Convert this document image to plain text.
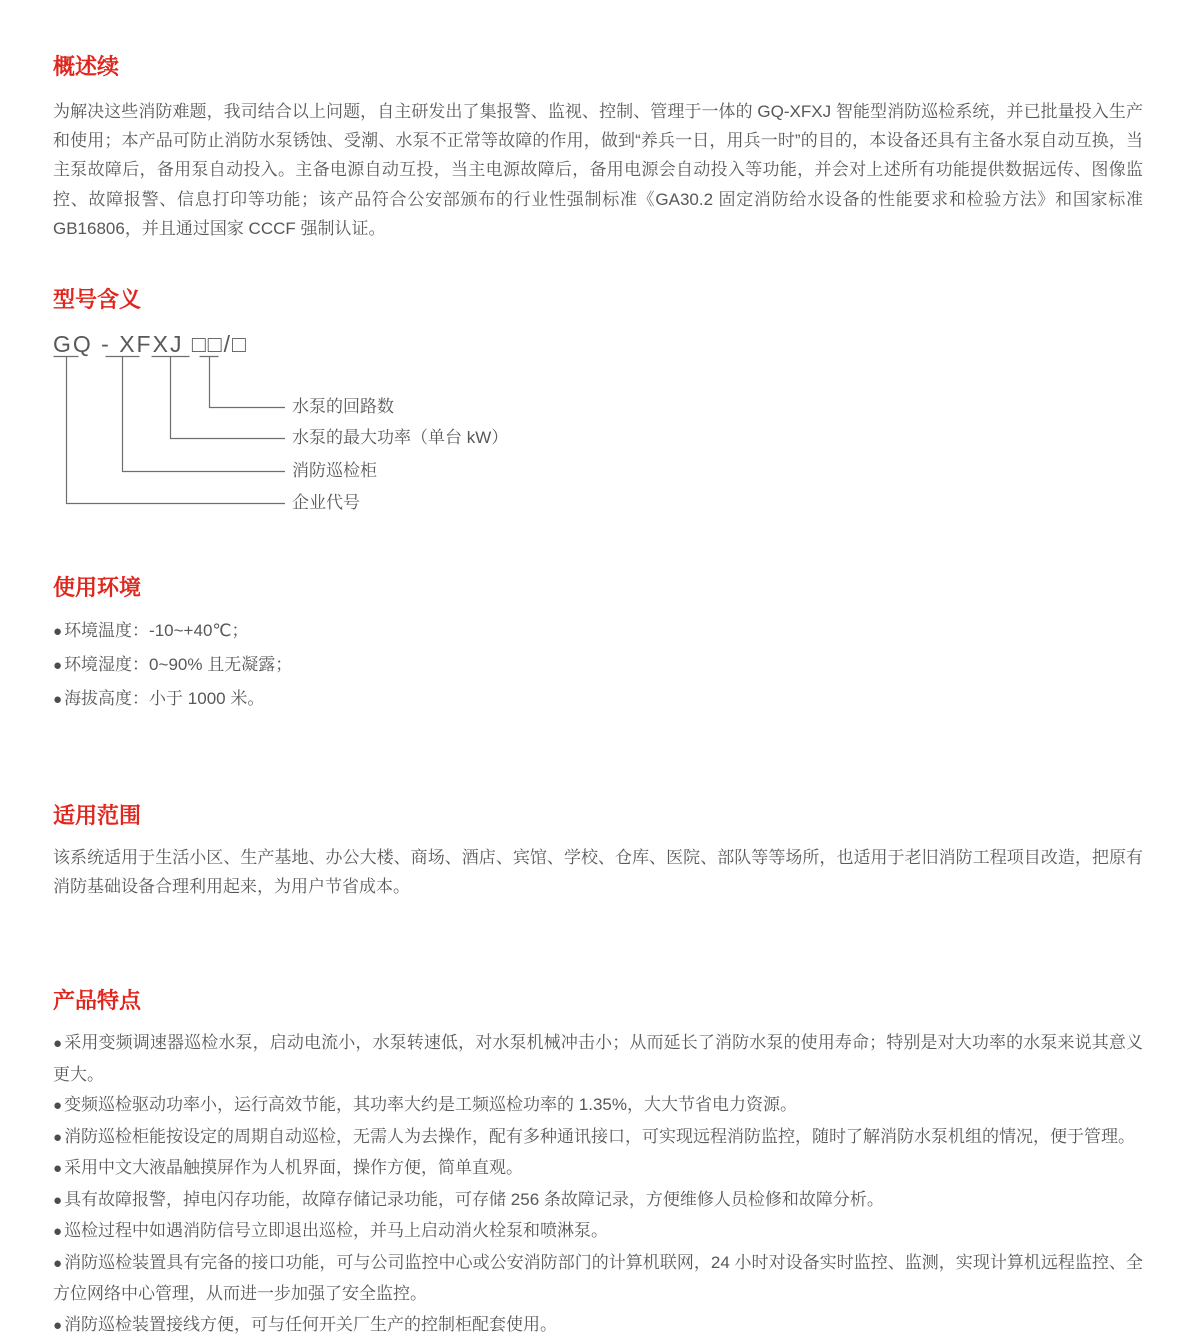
概述续

为解决这些消防难题，我司结合以上问题，自主研发出了集报警、监视、控制、管理于一体的 GQ-XFXJ 智能型消防巡检系统，并已批量投入生产和使用；本产品可防止消防水泵锈蚀、受潮、水泵不正常等故障的作用，做到“养兵一日，用兵一时”的目的，本设备还具有主备水泵自动互换，当主泵故障后，备用泵自动投入。主备电源自动互投，当主电源故障后，备用电源会自动投入等功能，并会对上述所有功能提供数据远传、图像监控、故障报警、信息打印等功能；该产品符合公安部颁布的行业性强制标准《GA30.2 固定消防给水设备的性能要求和检验方法》和国家标准 GB16806，并且通过国家 CCCF 强制认证。

型号含义
GQ - XFXJ □□/□
水泵的回路数
水泵的最大功率（单台 kW）
消防巡检柜
企业代号
使用环境

● 环境温度：-10~+40℃；

● 环境湿度：0~90% 且无凝露；

● 海拔高度：小于 1000 米。

适用范围

该系统适用于生活小区、生产基地、办公大楼、商场、酒店、宾馆、学校、仓库、医院、部队等等场所，也适用于老旧消防工程项目改造，把原有消防基础设备合理利用起来，为用户节省成本。

产品特点

● 采用变频调速器巡检水泵，启动电流小，水泵转速低，对水泵机械冲击小；从而延长了消防水泵的使用寿命；特别是对大功率的水泵来说其意义更大。

● 变频巡检驱动功率小，运行高效节能，其功率大约是工频巡检功率的 1.35%，大大节省电力资源。

● 消防巡检柜能按设定的周期自动巡检，无需人为去操作，配有多种通讯接口，可实现远程消防监控，随时了解消防水泵机组的情况，便于管理。

● 采用中文大液晶触摸屏作为人机界面，操作方便，简单直观。

● 具有故障报警，掉电闪存功能，故障存储记录功能，可存储 256 条故障记录，方便维修人员检修和故障分析。

● 巡检过程中如遇消防信号立即退出巡检，并马上启动消火栓泵和喷淋泵。

● 消防巡检装置具有完备的接口功能，可与公司监控中心或公安消防部门的计算机联网，24 小时对设备实时监控、监测，实现计算机远程监控、全方位网络中心管理，从而进一步加强了安全监控。

● 消防巡检装置接线方便，可与任何开关厂生产的控制柜配套使用。
